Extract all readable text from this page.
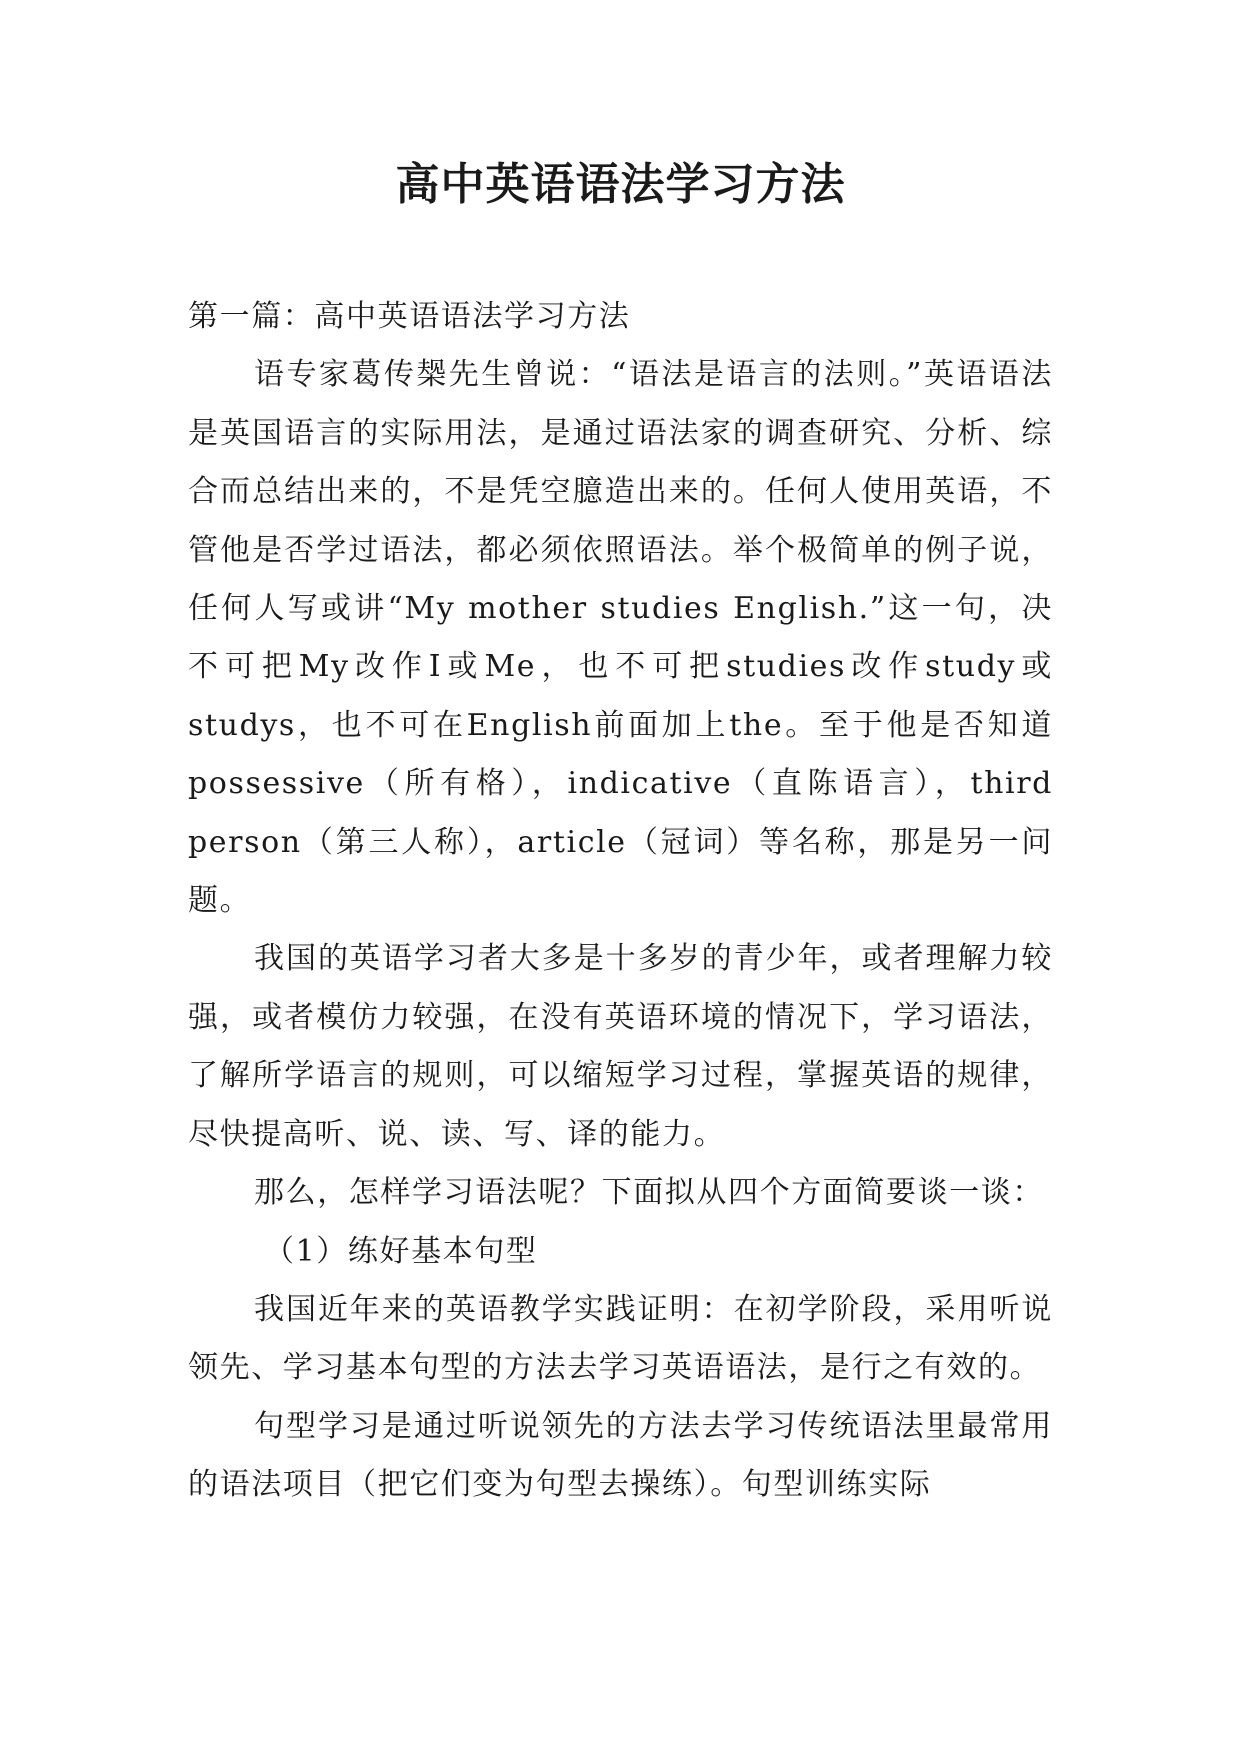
高中英语语法学习方法

第一篇：高中英语语法学习方法

语专家葛传椝先生曾说：“语法是语言的法则。”英语语法是英国语言的实际用法，是通过语法家的调查研究、分析、综合而总结出来的，不是凭空臆造出来的。任何人使用英语，不管他是否学过语法，都必须依照语法。举个极简单的例子说，任何人写或讲“My mother studies English.”这一句，决不可把My改作I或Me，也不可把studies改作study或studys，也不可在English前面加上the。至于他是否知道possessive（所有格），indicative（直陈语言），third person（第三人称），article（冠词）等名称，那是另一问题。

我国的英语学习者大多是十多岁的青少年，或者理解力较强，或者模仿力较强，在没有英语环境的情况下，学习语法，了解所学语言的规则，可以缩短学习过程，掌握英语的规律，尽快提高听、说、读、写、译的能力。

那么，怎样学习语法呢？下面拟从四个方面简要谈一谈：

（1）练好基本句型

我国近年来的英语教学实践证明：在初学阶段，采用听说领先、学习基本句型的方法去学习英语语法，是行之有效的。

句型学习是通过听说领先的方法去学习传统语法里最常用的语法项目（把它们变为句型去操练）。句型训练实际
